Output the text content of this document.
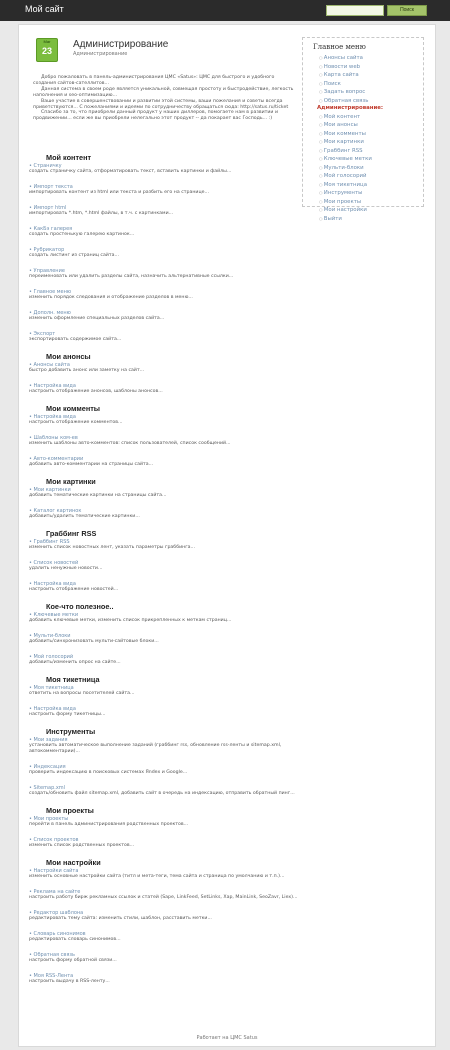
Мой сайт	Поиск
Mar
23
Администрирование
Администрирование

Добро пожаловать в панель-администрирования ЦМС «Satus»: ЦМС для быстрого и удобного создания сайтов-сателлитов...

Данная система в своем роде является уникальной, совмещая простоту и быстродействие, легкость наполнения и seo-оптимизацию...

Ваше участие в совершенствовании и развитии этой системы, ваши пожелания и советы всегда приветствуются... С пожеланиями и идеями по сотрудничеству обращаться сюда: http://satus.ru/ticket

Спасибо за то, что приобрели данный продукт у наших диллеров, помогаете нам в развитии и продвижении... если же вы приобрели нелегально этот продукт -- да покарает вас Господь... :)

Мой контент
• Страничку
создать страничку сайта, отформатировать текст, вставить картинки и файлы...
• Импорт текста
импортировать контент из html или текста и разбить его на странице...
• Импорт html
импортировать *.htm, *.html файлы, в т.ч. с картинками...
• КакБэ галерея
создать простенькую галерею картинок...
• Рубрикатор
создать листинг из страниц сайта...
• Управление
переименовать или удалить разделы сайта, назначить альтернативные ссылки...
• Главное меню
изменить порядок следования и отображение разделов в меню...
• Дополн. меню
изменить оформление специальных разделов сайта...
• Экспорт
экспортировать содержимое сайта...
Мои анонсы
• Анонсы сайта
быстро добавить анонс или заметку на сайт...
• Настройка вида
настроить отображение анонсов, шаблоны анонсов...
Мои комменты
• Настройка вида
настроить отображение комментов...
• Шаблоны ком-ев
изменить шаблоны авто-комментов: список пользователей, список сообщений...
• Авто-комментарии
добавить авто-комментарии на страницы сайта...
Мои картинки
• Мои картинки
добавить тематические картинки на страницы сайта...
• Каталог картинок
добавить/удалить тематические картинки...
Граббинг RSS
• Граббинг RSS
изменить список новостных лент, указать параметры граббинга...
• Список новостей
удалить ненужные новости...
• Настройка вида
настроить отображение новостей...
Кое-что полезное..
• Ключевые метки
добавить ключевые метки, изменить список прикрепленных к меткам страниц...
• Мульти-блоки
добавить/синхронизовать мульти-сайтовые блоки...
• Мой голосорий
добавить/изменить опрос на сайте...
Моя тикетница
• Моя тикетница
ответить на вопросы посетителей сайта...
• Настройка вида
настроить форму тикетницы...
Инструменты
• Мои задания
установить автоматическое выполнение заданий (граббинг rss, обновление rss-ленты и sitemap.xml, автокомментарии)...
• Индексация
проверить индексацию в поисковых системах Яndex и Google...
• Sitemap.xml
создать/обновить файл sitemap.xml, добавить сайт в очередь на индексацию, отправить обратный пинг...
Мои проекты
• Мои проекты
перейти в панель администрирования родственных проектов...
• Список проектов
изменить список родственных проектов...
Мои настройки
• Настройки сайта
изменить основные настройки сайта (титл и мета-теги, тема сайта и страница по умолчанию и т.п.)...
• Реклама на сайте
настроить работу бирж рекламных ссылок и статей (Sape, LinkFeed, SetLinks, Xap, MainLink, SeoZavr, Liex)...
• Редактор шаблона
редактировать тему сайта: изменить стили, шаблон, расставить метки...
• Словарь синонимов
редактировать словарь синонимов...
• Обратная связь
настроить форму обратной связи...
• Моя RSS-Лента
настроить выдачу в RSS-ленту...
Главное меню
○ Анонсы сайта
○ Новости web
○ Карта сайта
○ Поиск
○ Задать вопрос
○ Обратная связь
Администрирование:
○ Мой контент
○ Мои анонсы
○ Мои комменты
○ Мои картинки
○ Граббинг RSS
○ Ключевые метки
○ Мульти-блоки
○ Мой голосорий
○ Моя тикетница
○ Инструменты
○ Мои проекты
○ Мои настройки
○ Выйти
Работает на ЦМС Satus
